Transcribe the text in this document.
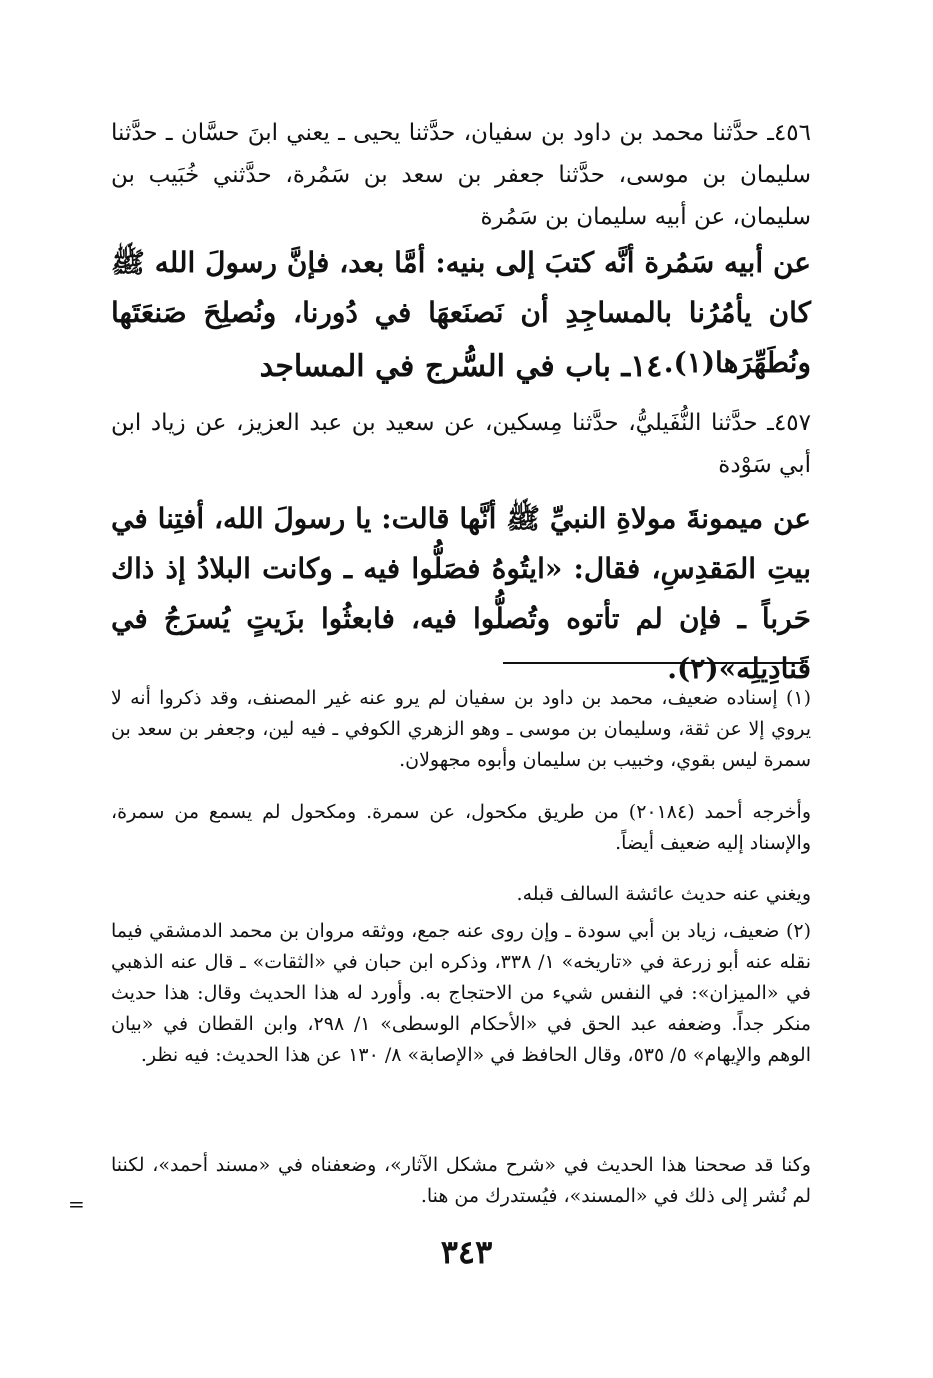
٤٥٦ـ حدَّثنا محمد بن داود بن سفيان، حدَّثنا يحيى ـ يعني ابنَ حسَّان ـ حدَّثنا سليمان بن موسى، حدَّثنا جعفر بن سعد بن سَمُرة، حدَّثني خُبَيب بن سليمان، عن أبيه سليمان بن سَمُرة
عن أبيه سَمُرة أنَّه كتبَ إلى بنيه: أمَّا بعد، فإنَّ رسولَ الله ﷺ كان يأمُرُنا بالمساجِدِ أن نَصنَعهَا في دُورنا، ونُصلِحَ صَنعَتَها ونُطَهِّرَها(١).
١٤ـ باب في السُّرج في المساجد
٤٥٧ـ حدَّثنا النُّفَيليُّ، حدَّثنا مِسكين، عن سعيد بن عبد العزيز، عن زياد ابن أبي سَوْدة
عن ميمونةَ مولاةِ النبيِّ ﷺ أنَّها قالت: يا رسولَ الله، أفتِنا في بيتِ المَقدِسِ، فقال: «ايتُوهُ فصَلُّوا فيه ـ وكانت البلادُ إذ ذاك حَرباً ـ فإن لم تأتوه وتُصلُّوا فيه، فابعثُوا بزَيتٍ يُسرَجُ في قَنادِيلِه»(٢).
(١) إسناده ضعيف، محمد بن داود بن سفيان لم يرو عنه غير المصنف، وقد ذكروا أنه لا يروي إلا عن ثقة، وسليمان بن موسى ـ وهو الزهري الكوفي ـ فيه لين، وجعفر بن سعد بن سمرة ليس بقوي، وخبيب بن سليمان وأبوه مجهولان.
وأخرجه أحمد (٢٠١٨٤) من طريق مكحول، عن سمرة. ومكحول لم يسمع من سمرة، والإسناد إليه ضعيف أيضاً.
ويغني عنه حديث عائشة السالف قبله.
(٢) ضعيف، زياد بن أبي سودة ـ وإن روى عنه جمع، ووثقه مروان بن محمد الدمشقي فيما نقله عنه أبو زرعة في «تاريخه» ١/ ٣٣٨، وذكره ابن حبان في «الثقات» ـ قال عنه الذهبي في «الميزان»: في النفس شيء من الاحتجاج به. وأورد له هذا الحديث وقال: هذا حديث منكر جداً. وضعفه عبد الحق في «الأحكام الوسطى» ١/ ٢٩٨، وابن القطان في «بيان الوهم والإيهام» ٥/ ٥٣٥، وقال الحافظ في «الإصابة» ٨/ ١٣٠ عن هذا الحديث: فيه نظر.
وكنا قد صححنا هذا الحديث في «شرح مشكل الآثار»، وضعفناه في «مسند أحمد»، لكننا لم نُشر إلى ذلك في «المسند»، فيُستدرك من هنا.
=
٣٤٣
